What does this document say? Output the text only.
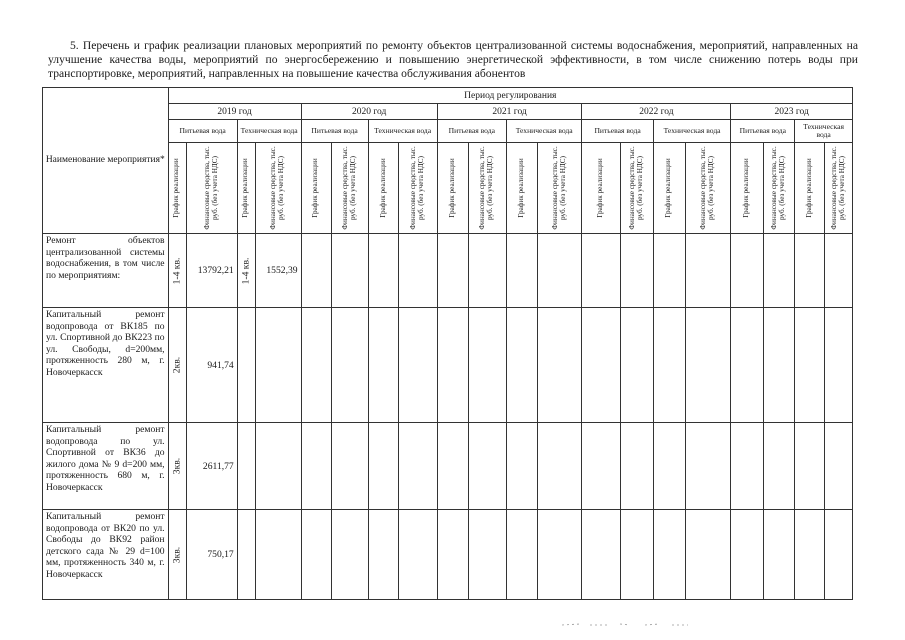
5. Перечень и график реализации плановых мероприятий по ремонту объектов централизованной системы водоснабжения, мероприятий, направленных на улучшение качества воды, мероприятий по энергосбережению и повышению энергетической эффективности, в том числе снижению потерь воды при транспортировке, мероприятий, направленных на повышение качества обслуживания абонентов

Наименование мероприятия*	Период регулирования																			
	2019 год				2020 год				2021 год				2022 год				2023 год			
	Питьевая вода		Техническая вода		Питьевая вода		Техническая вода		Питьевая вода		Техническая вода		Питьевая вода		Техническая вода		Питьевая вода		Техническая вода	

	График реализации	Финансовые средства, тыс. руб. (без учета НДС)	График реализации	Финансовые средства, тыс. руб. (без учета НДС)	График реализации	Финансовые средства, тыс. руб. (без учета НДС)	График реализации	Финансовые средства, тыс. руб. (без учета НДС)	График реализации	Финансовые средства, тыс. руб. (без учета НДС)	График реализации	Финансовые средства, тыс. руб. (без учета НДС)	График реализации	Финансовые средства, тыс. руб. (без учета НДС)	График реализации	Финансовые средства, тыс. руб. (без учета НДС)	График реализации	Финансовые средства, тыс. руб. (без учета НДС)	График реализации	Финансовые средства, тыс. руб. (без учета НДС)

Ремонт объектов централизованной системы водоснабжения, в том числе по мероприятиям:	1-4 кв.	13792,21	1-4 кв.	1552,39																
Капитальный ремонт водопровода от ВК185 по ул. Спортивной до ВК223 по ул. Свободы, d=200мм, протяженность 280 м, г. Новочеркасск	2кв.	941,74																		
Капитальный ремонт водопровода по ул. Спортивной от ВК36 до жилого дома № 9 d=200 мм, протяженность 680 м, г. Новочеркасск	3кв.	2611,77																		
Капитальный ремонт водопровода от ВК20 по ул. Свободы до ВК92 район детского сада № 29 d=100 мм, протяженность 340 м, г. Новочеркасск	3кв.	750,17																		
